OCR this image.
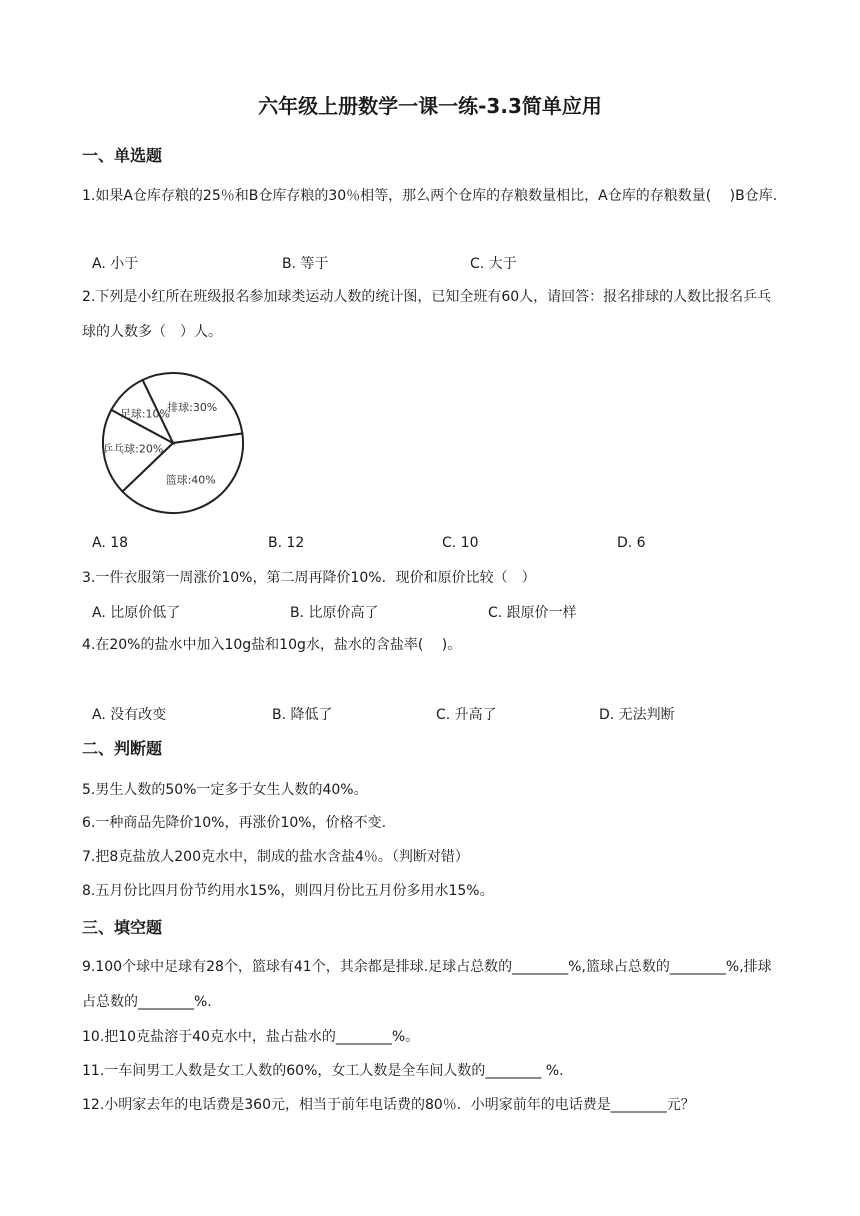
六年级上册数学一课一练-3.3简单应用
一、单选题
1.如果A仓库存粮的25％和B仓库存粮的30％相等，那么两个仓库的存粮数量相比，A仓库的存粮数量(　 )B仓库.
A. 小于	B. 等于	C. 大于
2.下列是小红所在班级报名参加球类运动人数的统计图，已知全班有60人，请回答：报名排球的人数比报名乒乓球的人数多（　）人。
排球:30%
篮球:40%
乒乓球:20%
足球:10%
A. 18	B. 12	C. 10	D. 6
3.一件衣服第一周涨价10%，第二周再降价10%．现价和原价比较（　）
A. 比原价低了	B. 比原价高了	C. 跟原价一样
4.在20%的盐水中加入10g盐和10g水，盐水的含盐率(　 )。
A. 没有改变	B. 降低了	C. 升高了	D. 无法判断
二、判断题
5.男生人数的50%一定多于女生人数的40%。
6.一种商品先降价10%，再涨价10%，价格不变.
7.把8克盐放人200克水中，制成的盐水含盐4％。（判断对错）
8.五月份比四月份节约用水15%，则四月份比五月份多用水15%。
三、填空题
9.100个球中足球有28个，篮球有41个，其余都是排球.足球占总数的________%,篮球占总数的________%,排球占总数的________%.
10.把10克盐溶于40克水中，盐占盐水的________%。
11.一车间男工人数是女工人数的60%，女工人数是全车间人数的________ %.
12.小明家去年的电话费是360元，相当于前年电话费的80％．小明家前年的电话费是________元？
